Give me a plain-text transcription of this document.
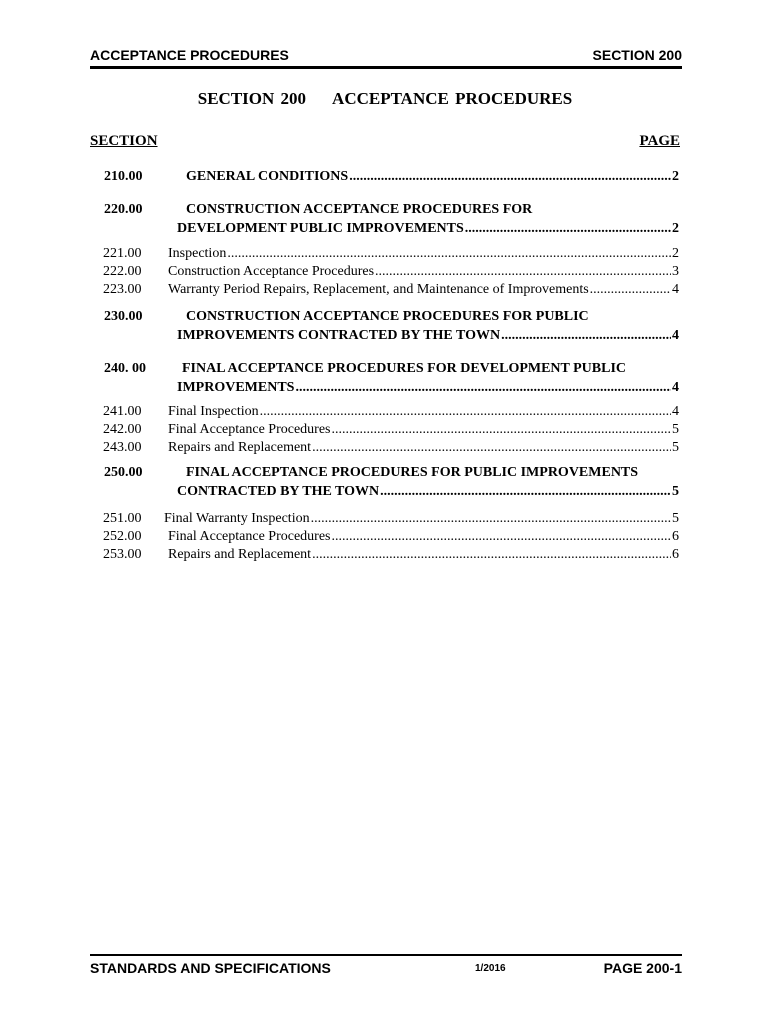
ACCEPTANCE PROCEDURES	SECTION 200
SECTION 200 ACCEPTANCE PROCEDURES
SECTION	PAGE
210.00	GENERAL CONDITIONS .....	2
220.00	CONSTRUCTION ACCEPTANCE PROCEDURES FOR
DEVELOPMENT PUBLIC IMPROVEMENTS .....	2
221.00 Inspection .....	2
222.00 Construction Acceptance Procedures .....	3
223.00 Warranty Period Repairs, Replacement, and Maintenance of Improvements .....	4
230.00	CONSTRUCTION ACCEPTANCE PROCEDURES FOR PUBLIC
IMPROVEMENTS CONTRACTED BY THE TOWN .....	4
240. 00	FINAL ACCEPTANCE PROCEDURES FOR DEVELOPMENT PUBLIC
IMPROVEMENTS .....	4
241.00 Final Inspection .....	4
242.00 Final Acceptance Procedures .....	5
243.00 Repairs and Replacement .....	5
250.00	FINAL ACCEPTANCE PROCEDURES FOR PUBLIC IMPROVEMENTS
CONTRACTED BY THE TOWN .....	5
251.00 Final Warranty Inspection .....	5
252.00 Final Acceptance Procedures .....	6
253.00 Repairs and Replacement .....	6
STANDARDS AND SPECIFICATIONS	1/2016	PAGE 200-1
